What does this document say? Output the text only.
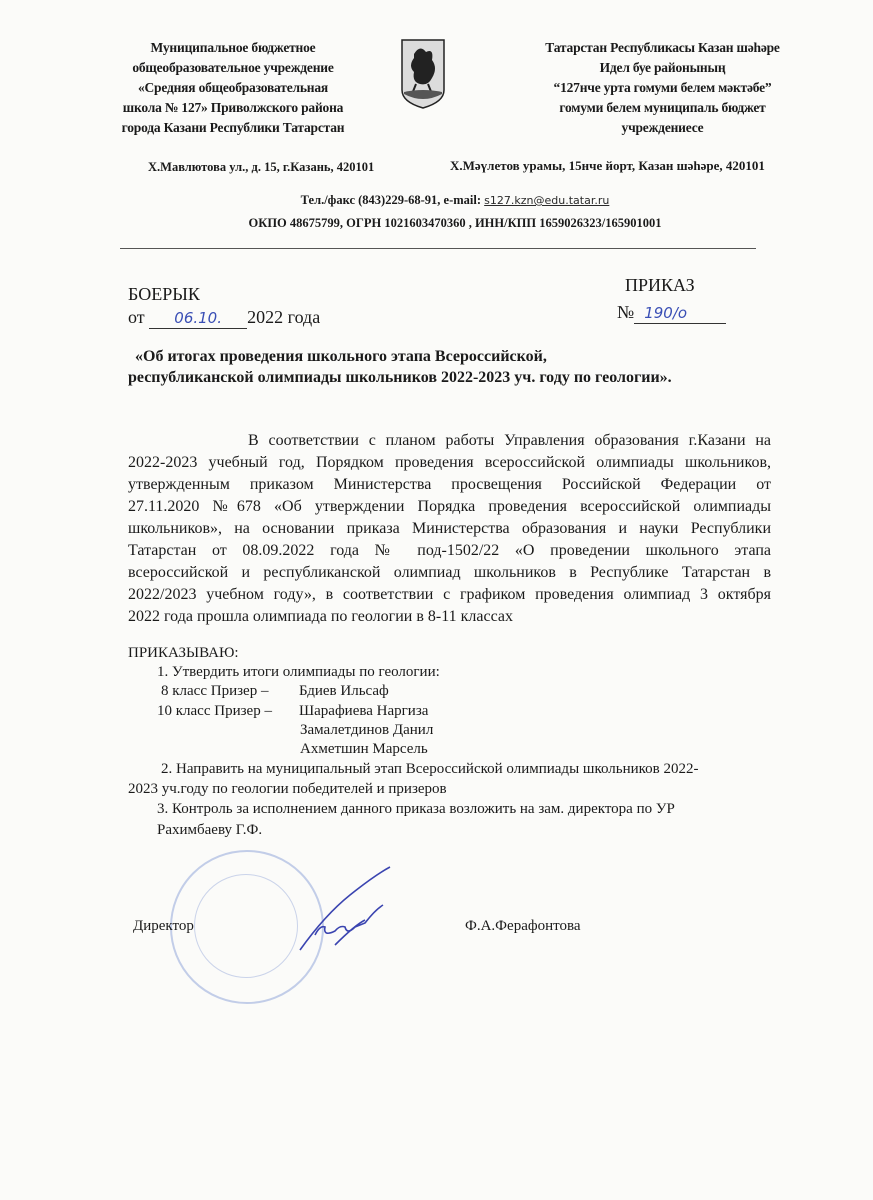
Муниципальное бюджетное
общеобразовательное учреждение
«Средняя общеобразовательная
школа № 127» Приволжского района
города Казани Республики Татарстан
Татарстан Республикасы Казан шәһәре
Идел буе районының
“127нче урта гомуми белем мәктәбе”
гомуми белем муниципаль бюджет
учреждениесе
Х.Мавлютова ул., д. 15, г.Казань, 420101	Х.Мәүлетов урамы, 15нче йорт, Казан шәһәре, 420101
Тел./факс (843)229-68-91, e-mail: s127.kzn@edu.tatar.ru
ОКПО 48675799, ОГРН 1021603470360 , ИНН/КПП 1659026323/165901001
БОЕРЫК
от 06.10. 2022 года
ПРИКАЗ
№ 190/о
«Об итогах проведения школьного этапа Всероссийской,
республиканской олимпиады школьников 2022-2023 уч. году по геологии».
В соответствии с планом работы Управления образования г.Казани на
2022-2023 учебный год, Порядком проведения всероссийской олимпиады школьников,
утвержденным приказом Министерства просвещения Российской Федерации от
27.11.2020 №678 «Об утверждении Порядка проведения всероссийской олимпиады
школьников», на основании приказа Министерства образования и науки Республики
Татарстан от 08.09.2022 года № под-1502/22 «О проведении школьного этапа
всероссийской и республиканской олимпиад школьников в Республике Татарстан в
2022/2023 учебном году», в соответствии с графиком проведения олимпиад 3 октября
2022 года прошла олимпиада по геологии в 8-11 классах
ПРИКАЗЫВАЮ:
1. Утвердить итоги олимпиады по геологии:
8 класс Призер – Бдиев Ильсаф
10 класс Призер – Шарафиева Наргиза
Замалетдинов Данил
Ахметшин Марсель
2. Направить на муниципальный этап Всероссийской олимпиады школьников 2022-
2023 уч.году по геологии победителей и призеров
3. Контроль за исполнением данного приказа возложить на зам. директора по УР
Рахимбаеву Г.Ф.
Директор	Ф.А.Ферафонтова
